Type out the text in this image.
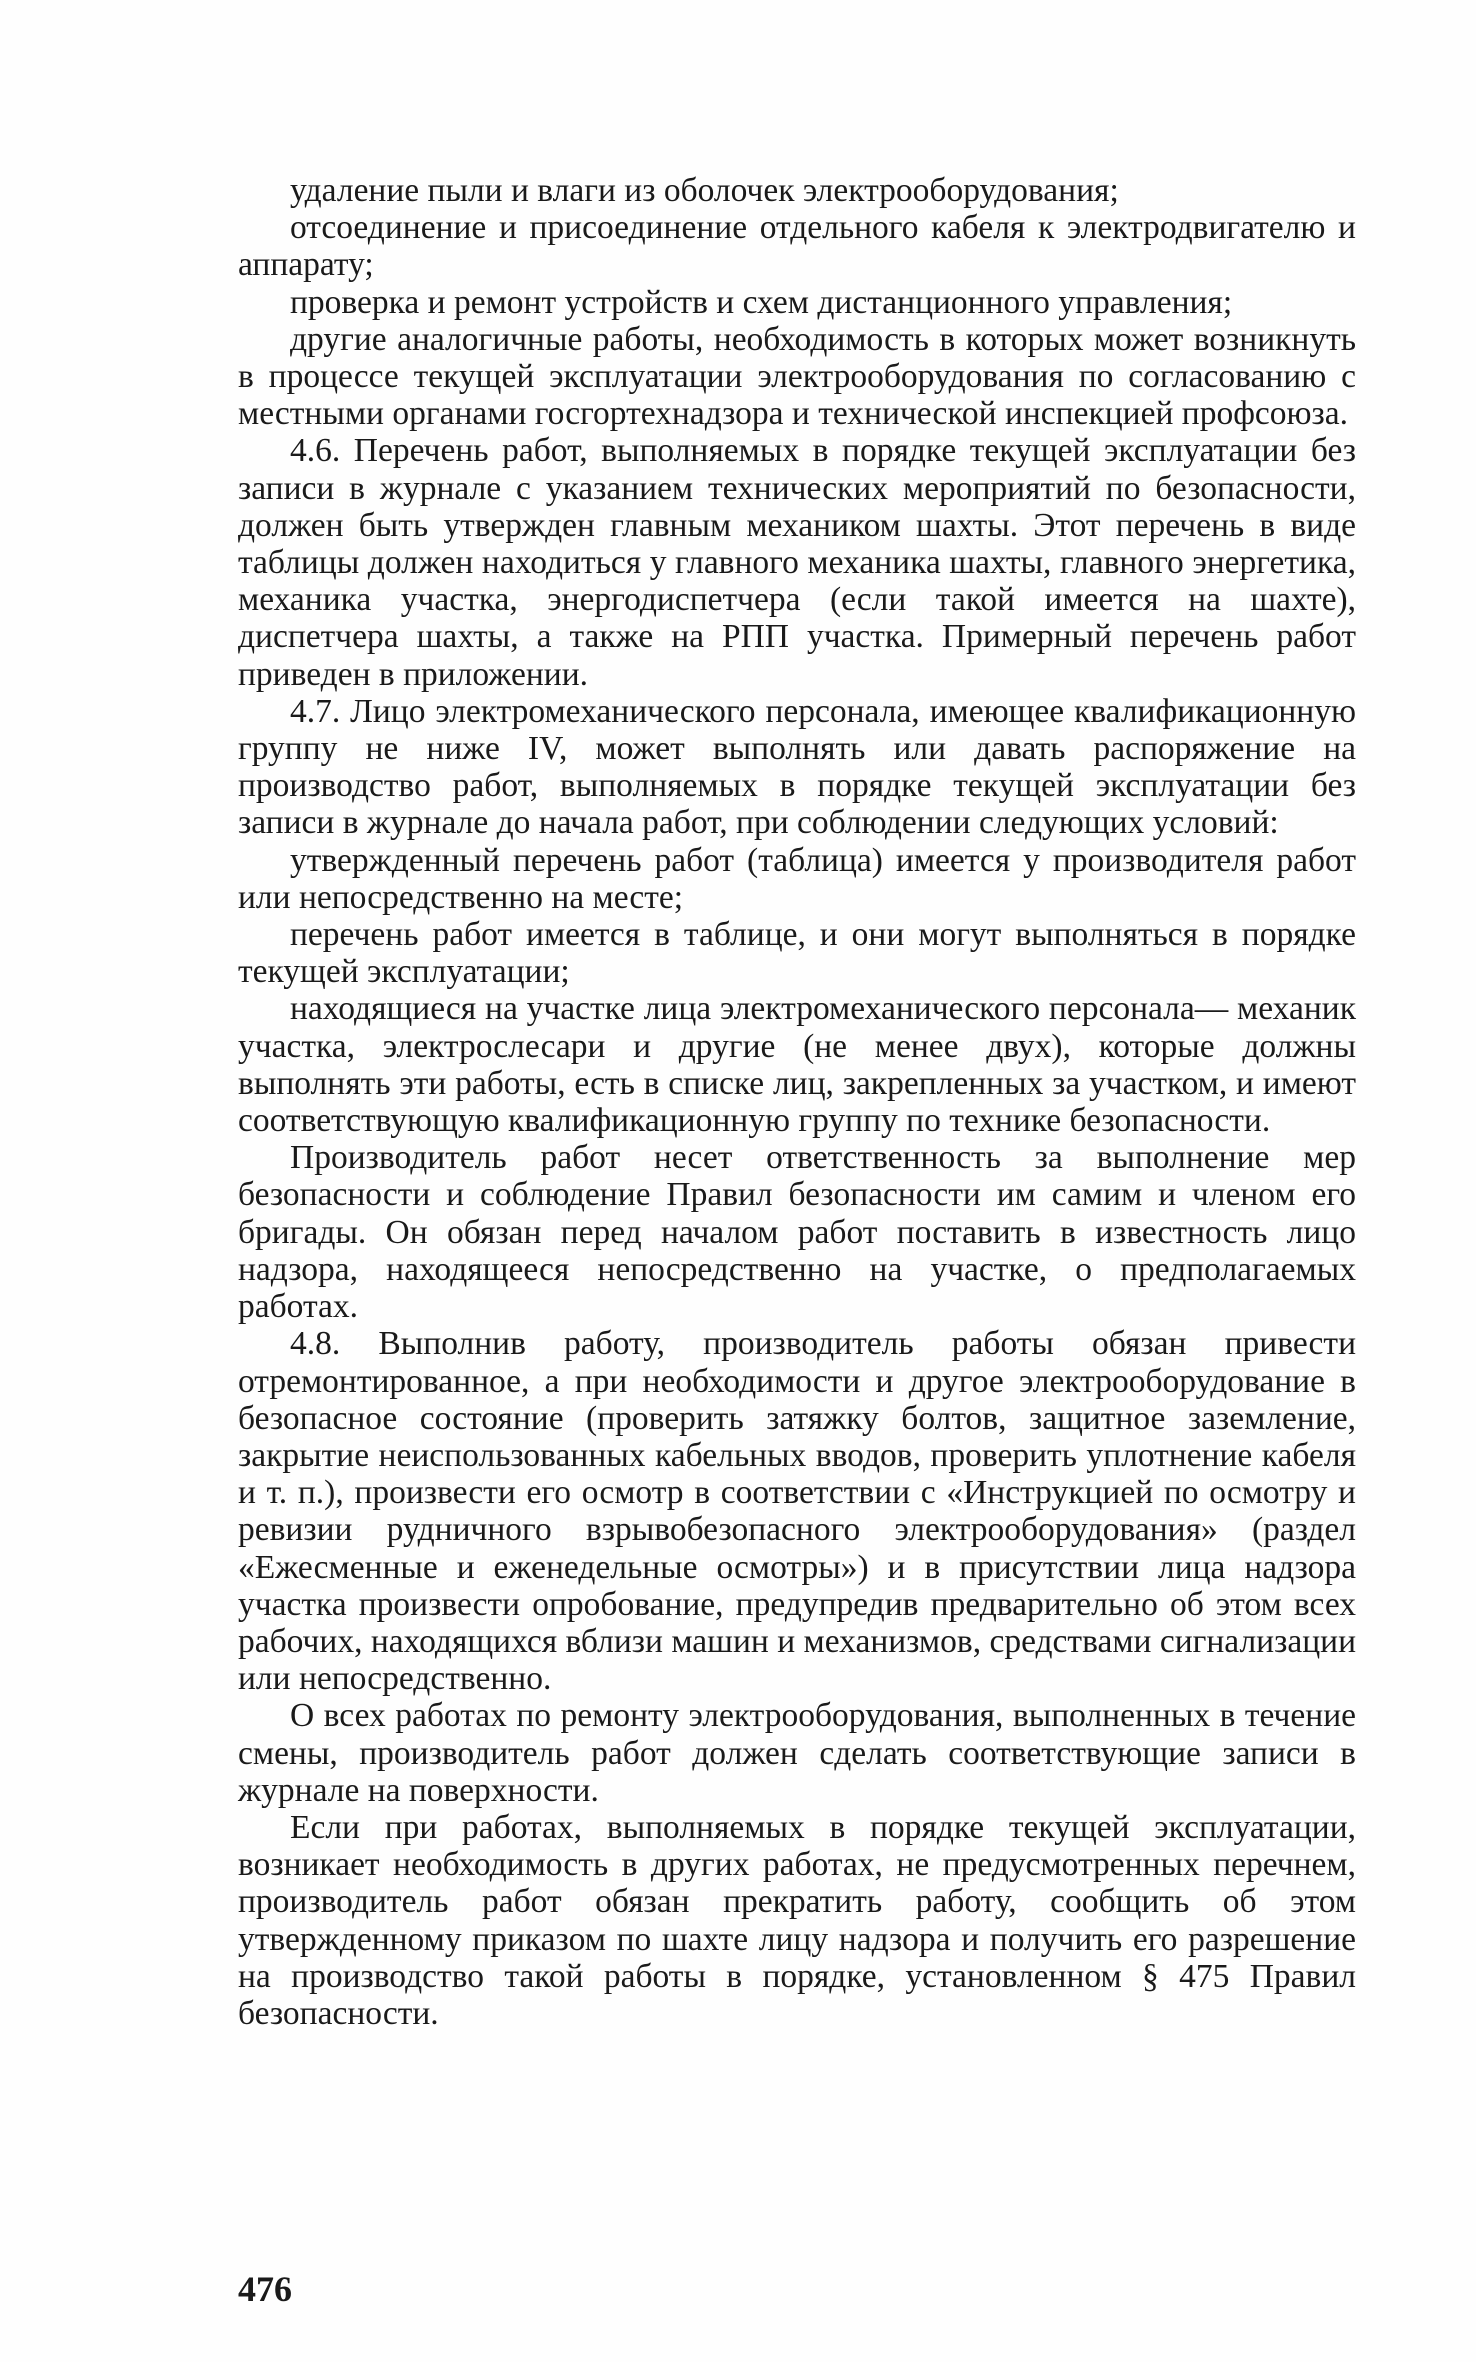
удаление пыли и влаги из оболочек электрооборудования;

отсоединение и присоединение отдельного кабеля к электродвигателю и аппарату;

проверка и ремонт устройств и схем дистанционного управления;

другие аналогичные работы, необходимость в которых может возникнуть в процессе текущей эксплуатации электрооборудования по согласованию с местными органами госгортехнадзора и технической инспекцией профсоюза.

4.6. Перечень работ, выполняемых в порядке текущей эксплуатации без записи в журнале с указанием технических мероприятий по безопасности, должен быть утвержден главным механиком шахты. Этот перечень в виде таблицы должен находиться у главного механика шахты, главного энергетика, механика участка, энергодиспетчера (если такой имеется на шахте), диспетчера шахты, а также на РПП участка. Примерный перечень работ приведен в приложении.

4.7. Лицо электромеханического персонала, имеющее квалификационную группу не ниже IV, может выполнять или давать распоряжение на производство работ, выполняемых в порядке текущей эксплуатации без записи в журнале до начала работ, при соблюдении следующих условий:

утвержденный перечень работ (таблица) имеется у производителя работ или непосредственно на месте;

перечень работ имеется в таблице, и они могут выполняться в порядке текущей эксплуатации;

находящиеся на участке лица электромеханического персонала— механик участка, электрослесари и другие (не менее двух), которые должны выполнять эти работы, есть в списке лиц, закрепленных за участком, и имеют соответствующую квалификационную группу по технике безопасности.

Производитель работ несет ответственность за выполнение мер безопасности и соблюдение Правил безопасности им самим и членом его бригады. Он обязан перед началом работ поставить в известность лицо надзора, находящееся непосредственно на участке, о предполагаемых работах.

4.8. Выполнив работу, производитель работы обязан привести отремонтированное, а при необходимости и другое электрооборудование в безопасное состояние (проверить затяжку болтов, защитное заземление, закрытие неиспользованных кабельных вводов, проверить уплотнение кабеля и т. п.), произвести его осмотр в соответствии с «Инструкцией по осмотру и ревизии рудничного взрывобезопасного электрооборудования» (раздел «Ежесменные и еженедельные осмотры») и в присутствии лица надзора участка произвести опробование, предупредив предварительно об этом всех рабочих, находящихся вблизи машин и механизмов, средствами сигнализации или непосредственно.

О всех работах по ремонту электрооборудования, выполненных в течение смены, производитель работ должен сделать соответствующие записи в журнале на поверхности.

Если при работах, выполняемых в порядке текущей эксплуатации, возникает необходимость в других работах, не предусмотренных перечнем, производитель работ обязан прекратить работу, сообщить об этом утвержденному приказом по шахте лицу надзора и получить его разрешение на производство такой работы в порядке, установленном § 475 Правил безопасности.

476
